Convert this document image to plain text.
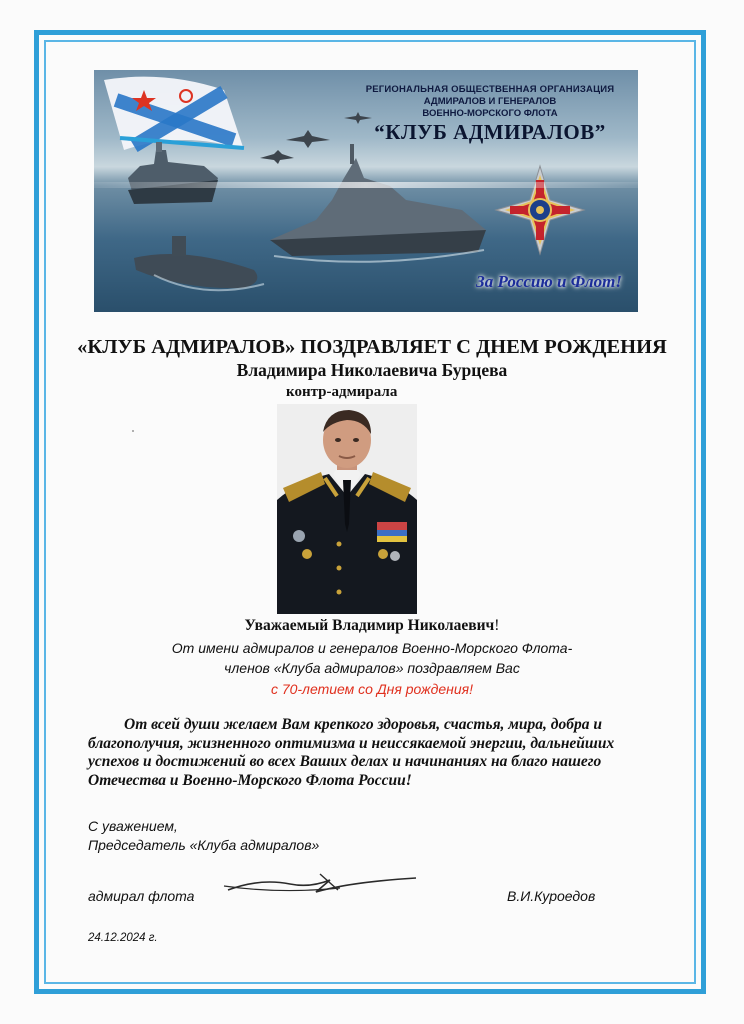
РЕГИОНАЛЬНАЯ ОБЩЕСТВЕННАЯ ОРГАНИЗАЦИЯ
АДМИРАЛОВ И ГЕНЕРАЛОВ
ВОЕННО-МОРСКОГО ФЛОТА
“КЛУБ АДМИРАЛОВ”
За Россию и Флот!
«КЛУБ АДМИРАЛОВ» ПОЗДРАВЛЯЕТ С ДНЕМ РОЖДЕНИЯ
Владимира Николаевича Бурцева
контр-адмирала
Уважаемый Владимир Николаевич!
От имени адмиралов и генералов Военно-Морского Флота-
членов «Клуба адмиралов» поздравляем Вас
с 70-летием со Дня рождения!

От всей души желаем Вам крепкого здоровья, счастья, мира, добра и

благополучия, жизненного оптимизма и неиссякаемой энергии, дальнейших

успехов и достижений во всех Ваших делах и начинаниях на благо нашего

Отечества и Военно-Морского Флота России!

С уважением,
Председатель «Клуба адмиралов»
адмирал флота	В.И.Куроедов
24.12.2024 г.
